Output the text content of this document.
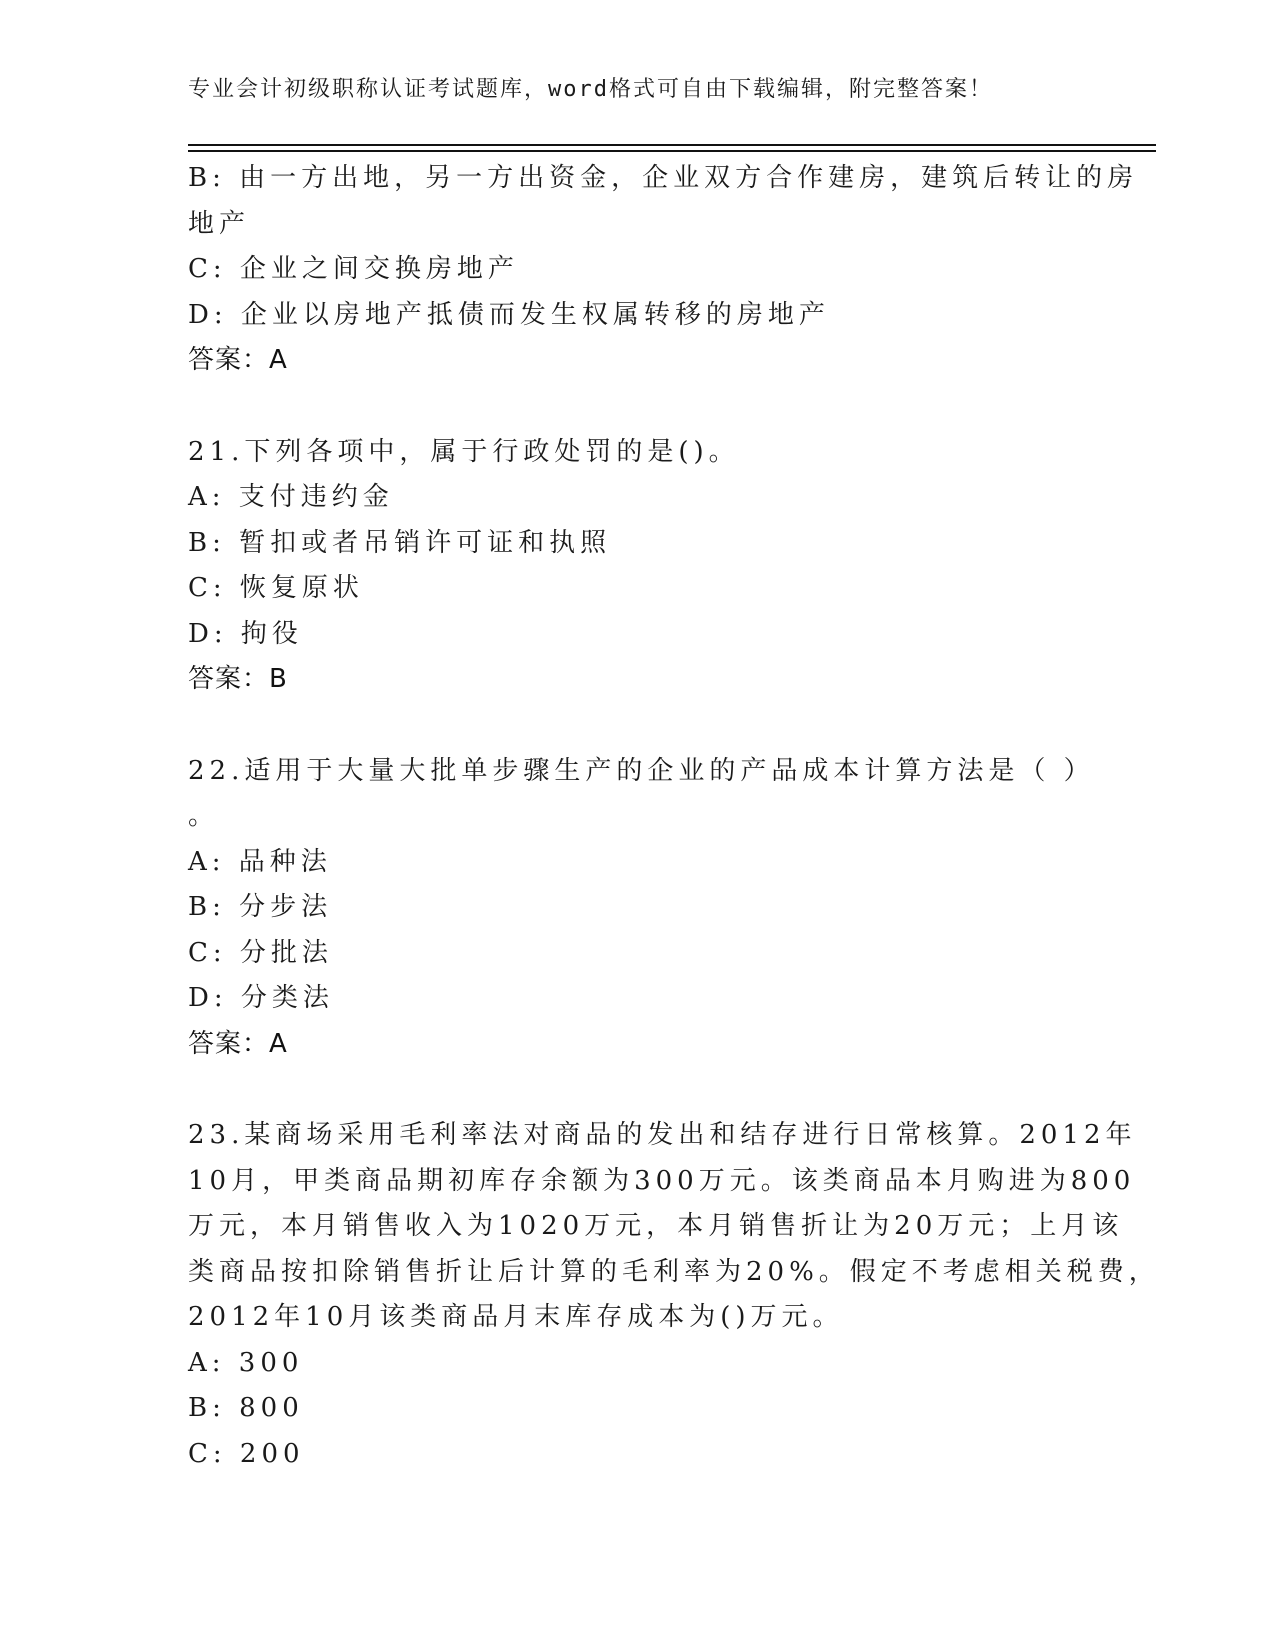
专业会计初级职称认证考试题库，word格式可自由下载编辑，附完整答案！
B: 由一方出地，另一方出资金，企业双方合作建房，建筑后转让的房
地产
C: 企业之间交换房地产
D: 企业以房地产抵债而发生权属转移的房地产
答案：A
21.下列各项中，属于行政处罚的是()。
A: 支付违约金
B: 暂扣或者吊销许可证和执照
C: 恢复原状
D: 拘役
答案：B
22.适用于大量大批单步骤生产的企业的产品成本计算方法是（ ）
。
A: 品种法
B: 分步法
C: 分批法
D: 分类法
答案：A
23.某商场采用毛利率法对商品的发出和结存进行日常核算。2012年
10月，甲类商品期初库存余额为300万元。该类商品本月购进为800
万元，本月销售收入为1020万元，本月销售折让为20万元；上月该
类商品按扣除销售折让后计算的毛利率为20%。假定不考虑相关税费，
2012年10月该类商品月末库存成本为()万元。
A: 300
B: 800
C: 200
